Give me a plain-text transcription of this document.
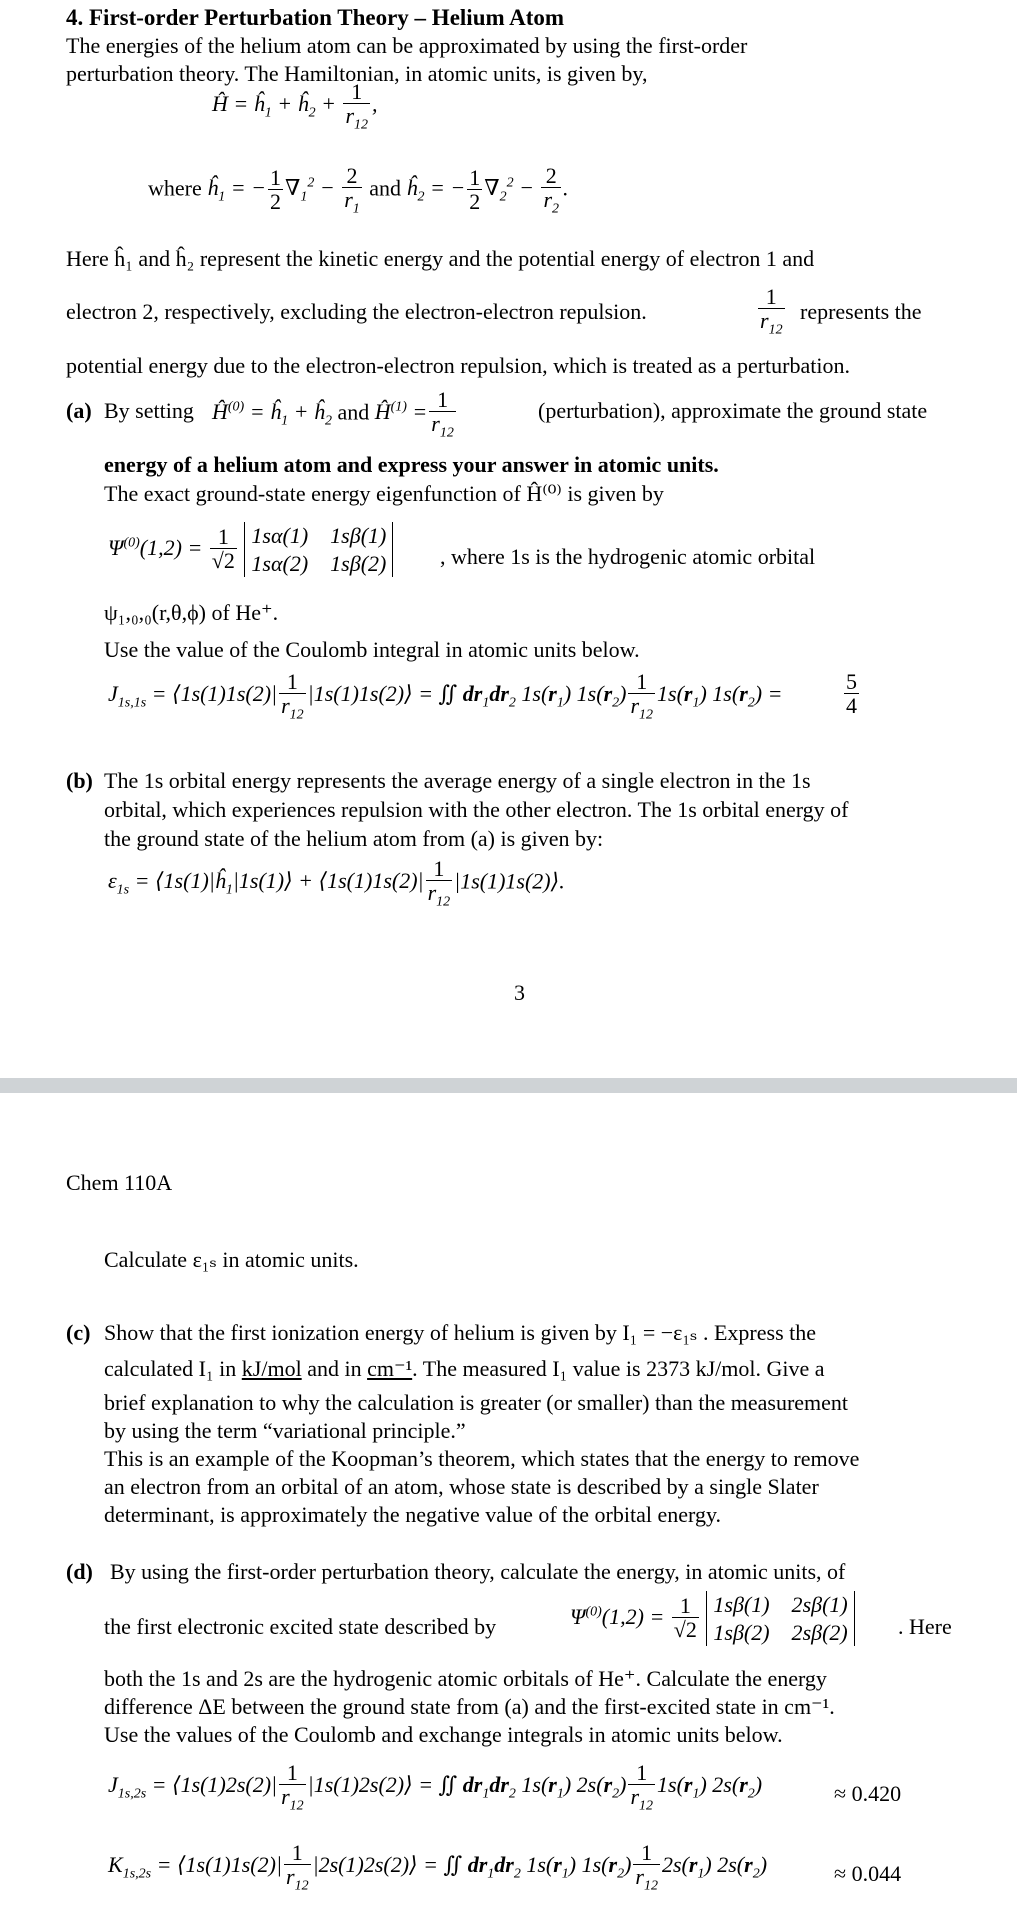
4. First-order Perturbation Theory – Helium Atom
The energies of the helium atom can be approximated by using the first-order
perturbation theory. The Hamiltonian, in atomic units, is given by,
Ĥ = $ĥ_1$ + $ĥ_2 + \frac{1}{r_{12}}$ ,
where $ĥ_1$ = − $\frac{1}{2} \nabla_1^2 - \frac{2}{r_1}$ and $ĥ_2$ = − $\frac{1}{2} \nabla_2^2 - \frac{2}{r_2}$ .
Here ĥ₁ and ĥ₂ represent the kinetic energy and the potential energy of electron 1 and
electron 2, respectively, excluding the electron-electron repulsion.	$\frac{1}{r_{12}}$ represents the
potential energy due to the electron-electron repulsion, which is treated as a perturbation.
(a) By setting $Ĥ^{(0)}$ = $ĥ_1$ + $ĥ_2$ and $Ĥ^{(1)} = \frac{1}{r_{12}}$	(perturbation), approximate the ground state
energy of a helium atom and express your answer in atomic units.
The exact ground-state energy eigenfunction of Ĥ⁽⁰⁾ is given by
$\Psi^{(0)}(1,2) = \frac{1}{√2} 1s\alpha(1)$    1sβ(1)
1sα(2)    1sβ(2)	, where 1s is the hydrogenic atomic orbital
ψ₁,₀,₀(r,θ,ϕ) of He⁺.
Use the value of the Coulomb integral in atomic units below.
$J_{1s,1s}$ = ⟨1s(1)1s(2)| $\frac{1}{r_{12}}$ |1s(1)1s(2)⟩ = ∬ $dr_1dr_2$ $1s(r_1)$ $1s(r_2) \frac{1}{r_{12}} 1s(r_1) 1s(r_2)$ =	$\frac{5}{4}$
(b) The 1s orbital energy represents the average energy of a single electron in the 1s
orbital, which experiences repulsion with the other electron. The 1s orbital energy of
the ground state of the helium atom from (a) is given by:
$\varepsilon_{1s}$ = $⟨1s(1)|ĥ_1|1s(1)⟩$ + ⟨1s(1)1s(2)| $\frac{1}{r_{12}}$ |1s(1)1s(2)⟩.
3
Chem 110A
Calculate ε₁ₛ in atomic units.
(c) Show that the first ionization energy of helium is given by I₁ = −ε₁ₛ . Express the
calculated I₁ in kJ/mol and in cm⁻¹. The measured I₁ value is 2373 kJ/mol. Give a
brief explanation to why the calculation is greater (or smaller) than the measurement
by using the term “variational principle.”
This is an example of the Koopman’s theorem, which states that the energy to remove
an electron from an orbital of an atom, whose state is described by a single Slater
determinant, is approximately the negative value of the orbital energy.
(d) By using the first-order perturbation theory, calculate the energy, in atomic units, of
the first electronic excited state described by	$\Psi^{(0)}(1,2) = \frac{1}{√2} 1s\beta(1)$    2sβ(1)
1sβ(2)    2sβ(2)	. Here
both the 1s and 2s are the hydrogenic atomic orbitals of He⁺. Calculate the energy
difference ΔE between the ground state from (a) and the first-excited state in cm⁻¹.
Use the values of the Coulomb and exchange integrals in atomic units below.
$J_{1s,2s}$ = ⟨1s(1)2s(2)| $\frac{1}{r_{12}}$ |1s(1)2s(2)⟩ = ∬ $dr_1dr_2$ $1s(r_1)$ $2s(r_2) \frac{1}{r_{12}} 1s(r_1)$ $2s(r_2)$	≈ 0.420
$K_{1s,2s}$ = ⟨1s(1)1s(2)| $\frac{1}{r_{12}}$ |2s(1)2s(2)⟩ = ∬ $dr_1dr_2$ $1s(r_1)$ $1s(r_2) \frac{1}{r_{12}} 2s(r_1)$ $2s(r_2)$	≈ 0.044
